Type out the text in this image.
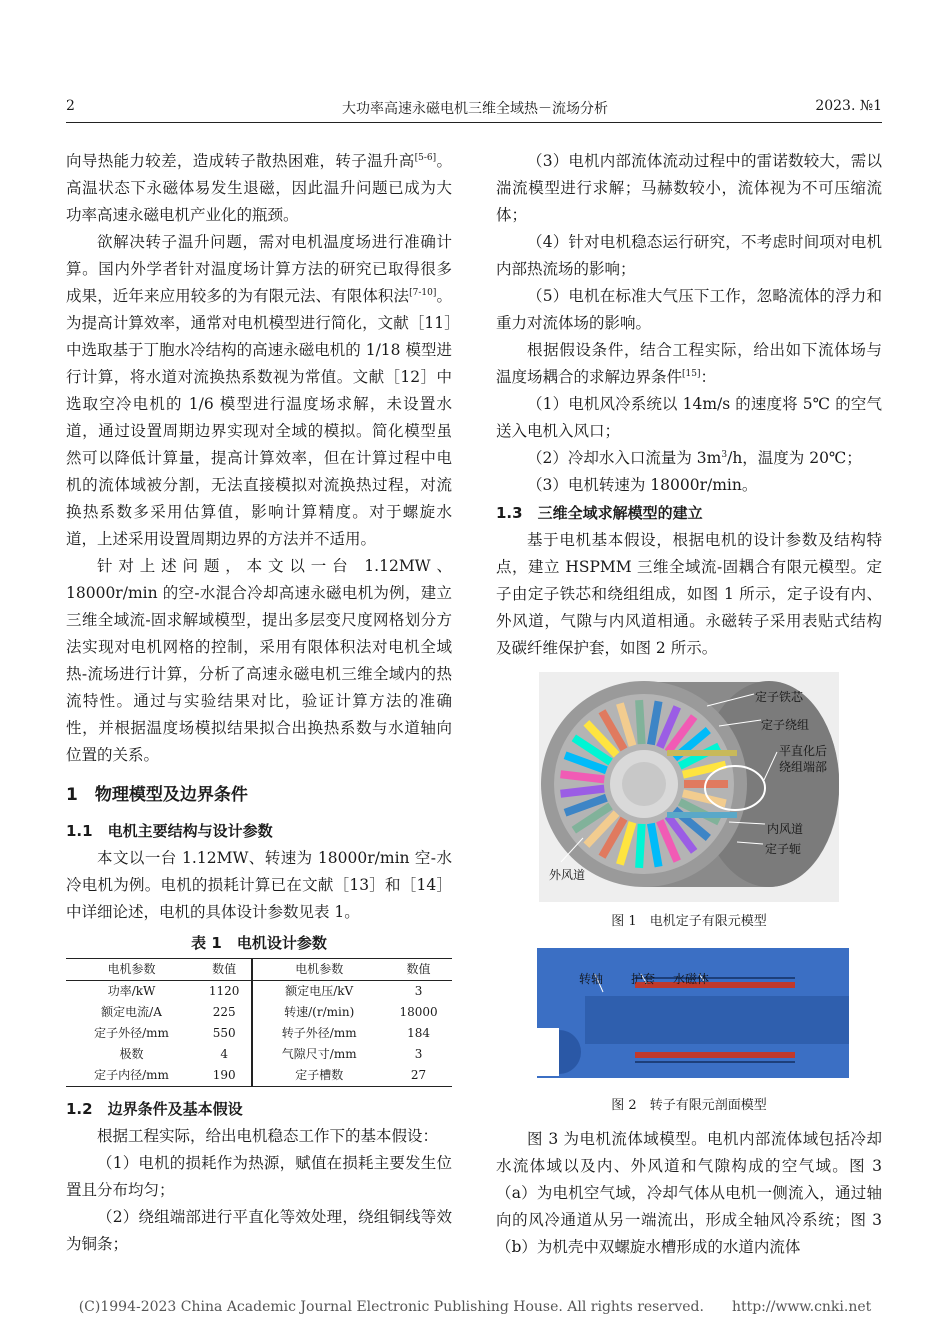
2	大功率高速永磁电机三维全域热－流场分析	2023. №1

向导热能力较差，造成转子散热困难，转子温升高[5-6]。高温状态下永磁体易发生退磁，因此温升问题已成为大功率高速永磁电机产业化的瓶颈。

欲解决转子温升问题，需对电机温度场进行准确计算。国内外学者针对温度场计算方法的研究已取得很多成果，近年来应用较多的为有限元法、有限体积法[7-10]。为提高计算效率，通常对电机模型进行简化，文献［11］中选取基于丁胞水冷结构的高速永磁电机的 1/18 模型进行计算，将水道对流换热系数视为常值。文献［12］中选取空冷电机的 1/6 模型进行温度场求解，未设置水道，通过设置周期边界实现对全域的模拟。简化模型虽然可以降低计算量，提高计算效率，但在计算过程中电机的流体域被分割，无法直接模拟对流换热过程，对流换热系数多采用估算值，影响计算精度。对于螺旋水道，上述采用设置周期边界的方法并不适用。

针对上述问题，本文以一台 1.12MW、18000r/min 的空-水混合冷却高速永磁电机为例，建立三维全域流-固求解域模型，提出多层变尺度网格划分方法实现对电机网格的控制，采用有限体积法对电机全域热-流场进行计算，分析了高速永磁电机三维全域内的热流特性。通过与实验结果对比，验证计算方法的准确性，并根据温度场模拟结果拟合出换热系数与水道轴向位置的关系。

1　物理模型及边界条件
1.1　电机主要结构与设计参数

本文以一台 1.12MW、转速为 18000r/min 空-水冷电机为例。电机的损耗计算已在文献［13］和［14］中详细论述，电机的具体设计参数见表 1。

表 1　电机设计参数
电机参数	数值	电机参数	数值
功率/kW	1120	额定电压/kV	3
额定电流/A	225	转速/(r/min)	18000
定子外径/mm	550	转子外径/mm	184
极数	4	气隙尺寸/mm	3
定子内径/mm	190	定子槽数	27
1.2　边界条件及基本假设

根据工程实际，给出电机稳态工作下的基本假设：

（1）电机的损耗作为热源，赋值在损耗主要发生位置且分布均匀；

（2）绕组端部进行平直化等效处理，绕组铜线等效为铜条；

（3）电机内部流体流动过程中的雷诺数较大，需以湍流模型进行求解；马赫数较小，流体视为不可压缩流体；

（4）针对电机稳态运行研究，不考虑时间项对电机内部热流场的影响；

（5）电机在标准大气压下工作，忽略流体的浮力和重力对流体场的影响。

根据假设条件，结合工程实际，给出如下流体场与温度场耦合的求解边界条件[15]：

（1）电机风冷系统以 14m/s 的速度将 5℃ 的空气送入电机入风口；

（2）冷却水入口流量为 $3m^3/h$，温度为 20℃；

（3）电机转速为 18000r/min。

1.3　三维全域求解模型的建立

基于电机基本假设，根据电机的设计参数及结构特点，建立 HSPMM 三维全域流-固耦合有限元模型。定子由定子铁芯和绕组组成，如图 1 所示，定子设有内、外风道，气隙与内风道相通。永磁转子采用表贴式结构及碳纤维保护套，如图 2 所示。

定子铁芯
定子绕组
平直化后
绕组端部
内风道
定子轭
外风道
图 1　电机定子有限元模型
转轴 护套 水磁体
图 2　转子有限元剖面模型

图 3 为电机流体域模型。电机内部流体域包括冷却水流体域以及内、外风道和气隙构成的空气域。图 3（a）为电机空气域，冷却气体从电机一侧流入，通过轴向的风冷通道从另一端流出，形成全轴风冷系统；图 3（b）为机壳中双螺旋水槽形成的水道内流体

(C)1994-2023 China Academic Journal Electronic Publishing House. All rights reserved.　　http://www.cnki.net
